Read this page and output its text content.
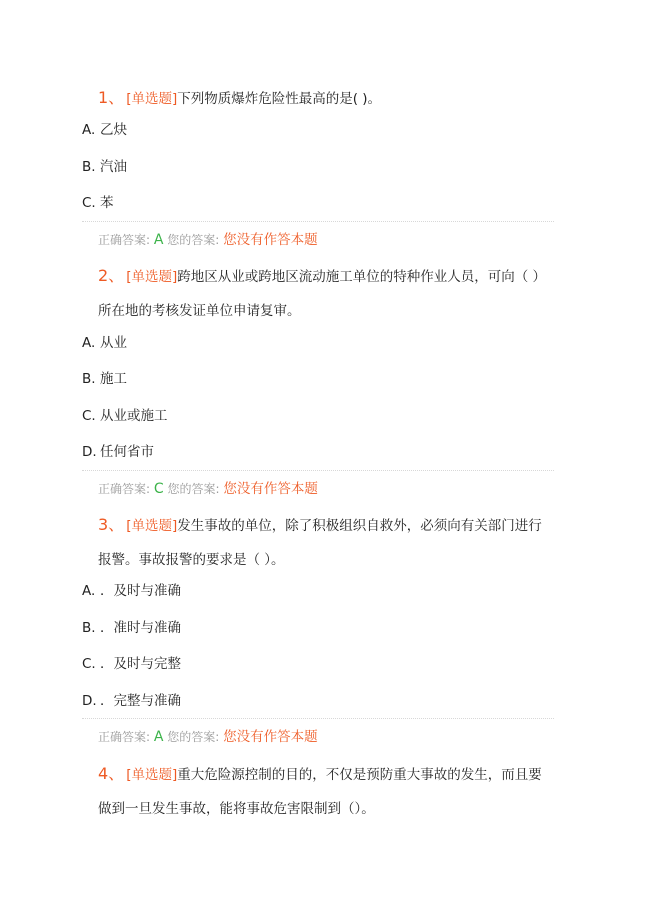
1、 [单选题]下列物质爆炸危险性最高的是( )。
A. 乙炔
B. 汽油
C. 苯
正确答案: A 您的答案: 您没有作答本题
2、 [单选题]跨地区从业或跨地区流动施工单位的特种作业人员，可向（ ）所在地的考核发证单位申请复审。
A. 从业
B. 施工
C. 从业或施工
D. 任何省市
正确答案: C 您的答案: 您没有作答本题
3、 [单选题]发生事故的单位，除了积极组织自救外，必须向有关部门进行报警。事故报警的要求是（ ）。
A. ．及时与准确
B. ．准时与准确
C. ．及时与完整
D. ．完整与准确
正确答案: A 您的答案: 您没有作答本题
4、 [单选题]重大危险源控制的目的，不仅是预防重大事故的发生，而且要做到一旦发生事故，能将事故危害限制到（）。
